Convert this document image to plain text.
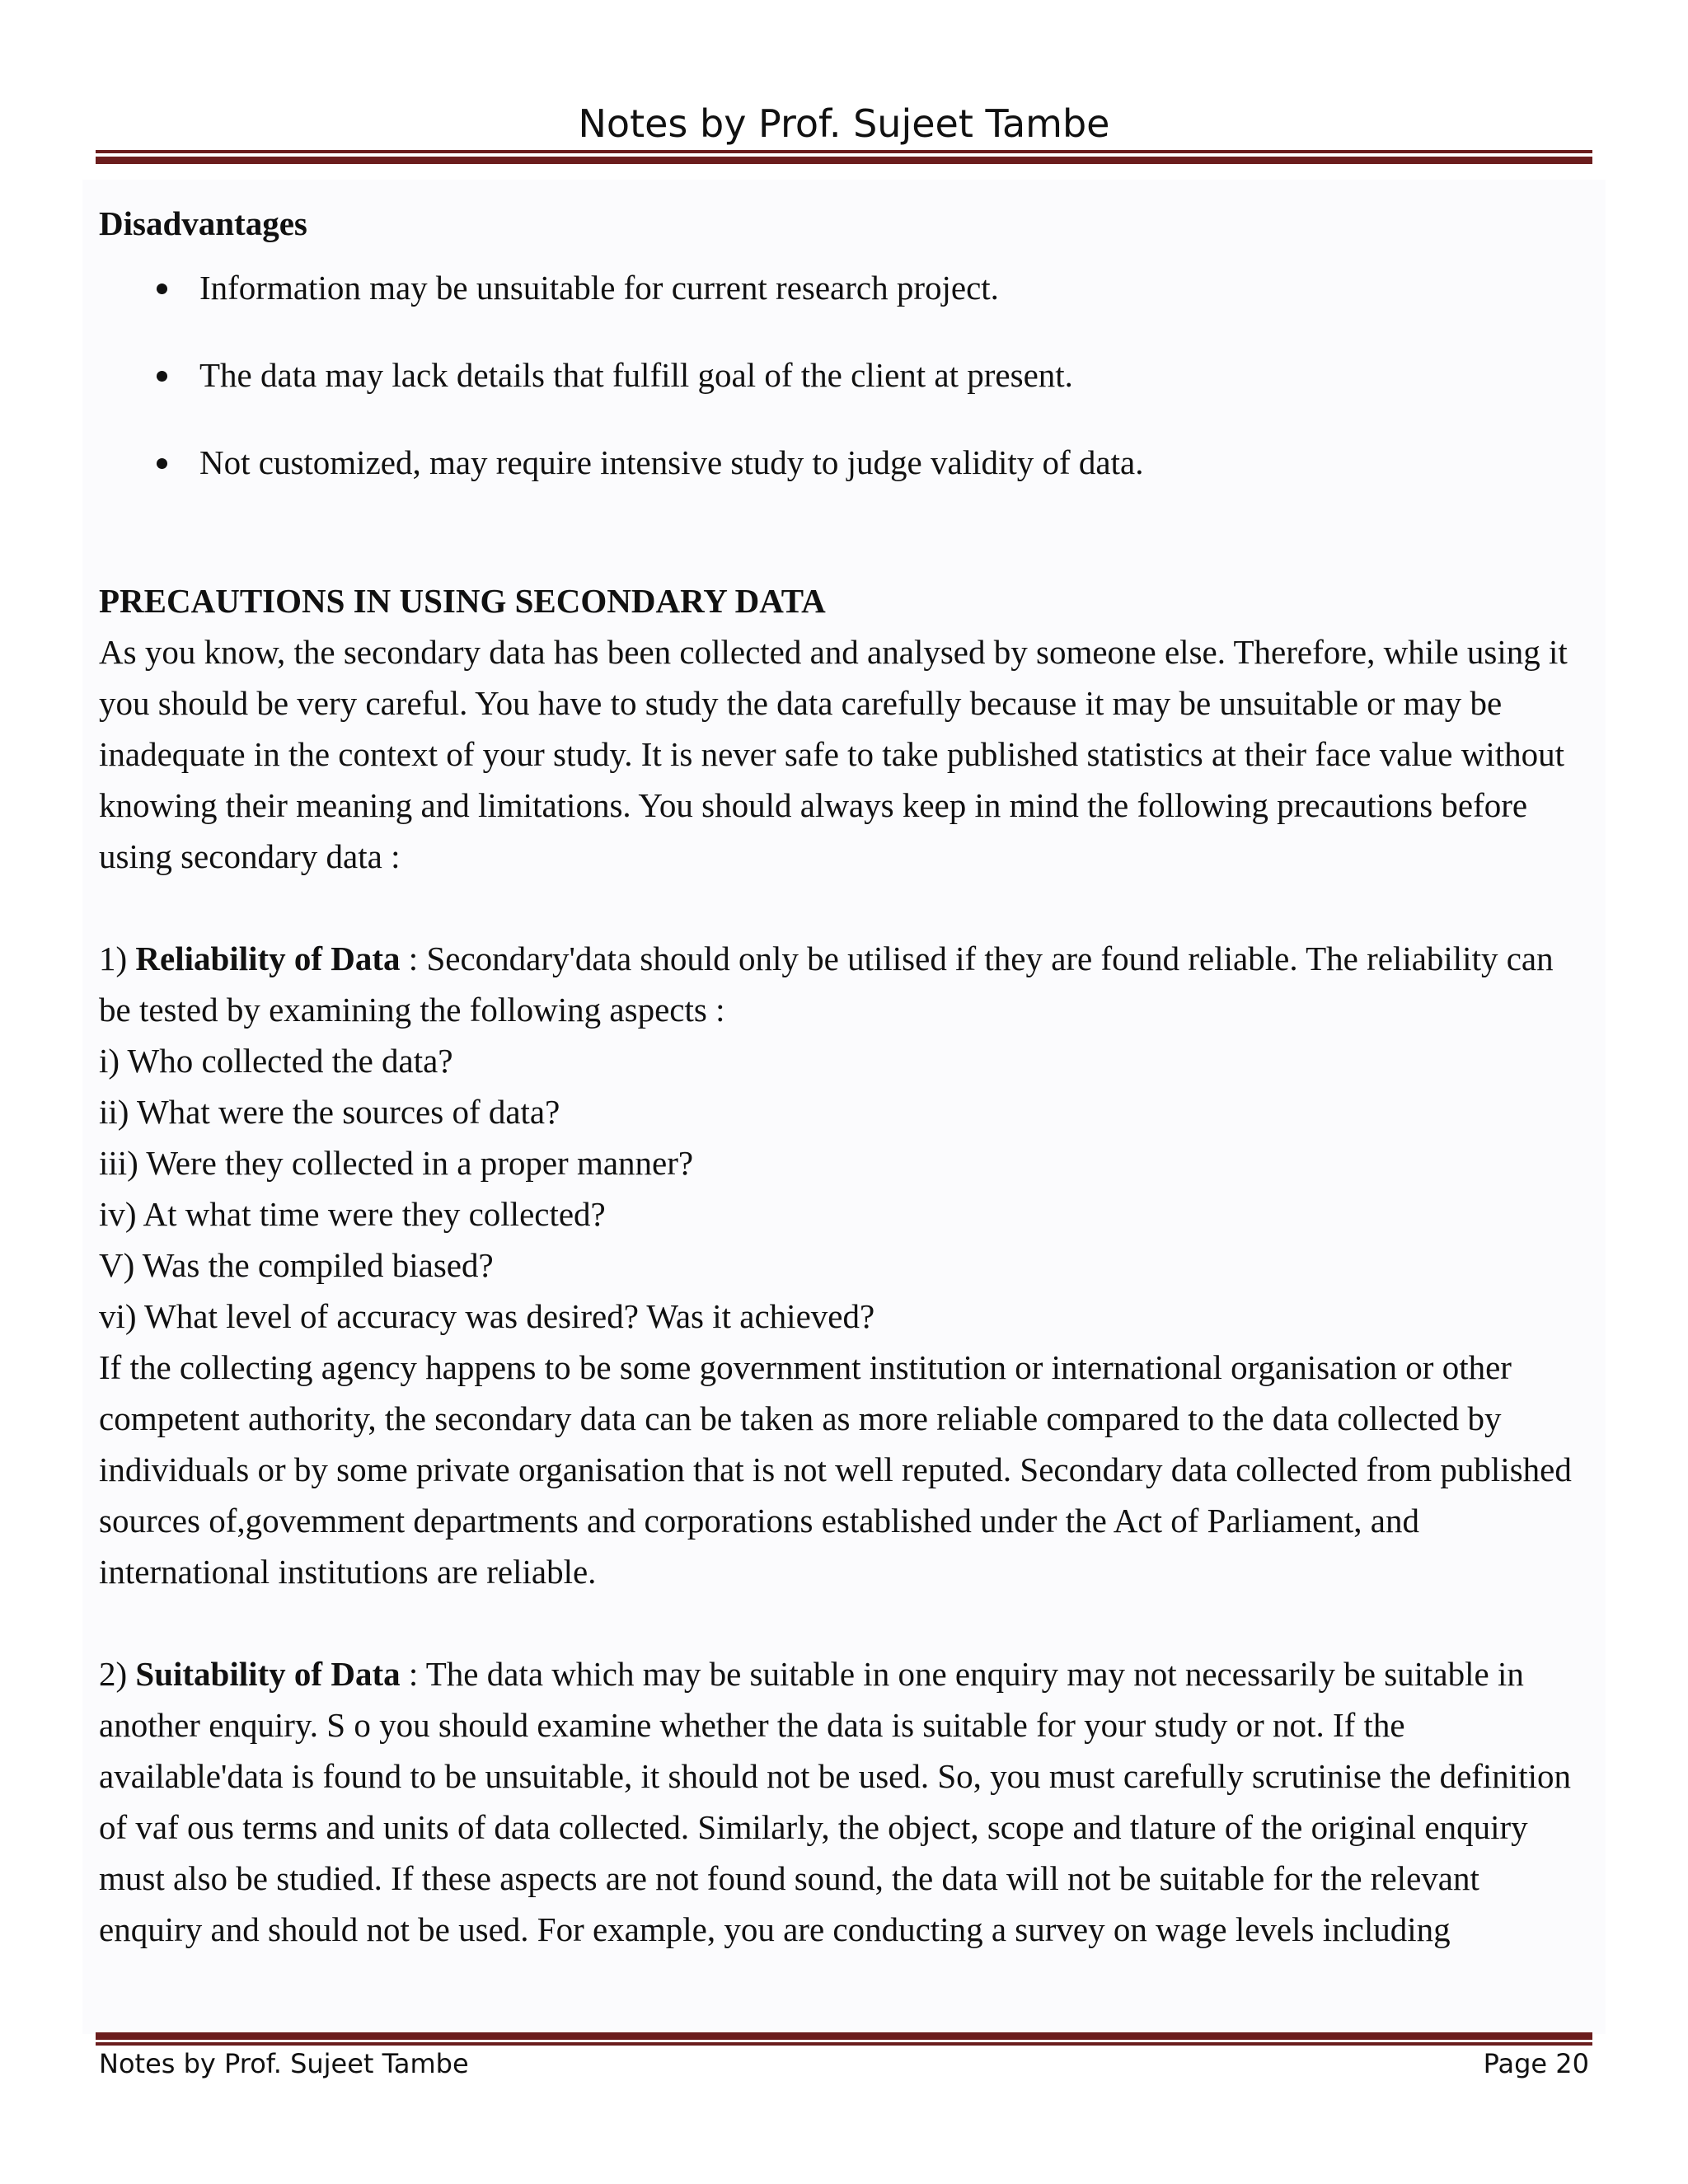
Notes by Prof. Sujeet Tambe

Disadvantages

Information may be unsuitable for current research project.
The data may lack details that fulfill goal of the client at present.
Not customized, may require intensive study to judge validity of data.

PRECAUTIONS IN USING SECONDARY DATA

As you know, the secondary data has been collected and analysed by someone else. Therefore, while using it you should be very careful. You have to study the data carefully because it may be unsuitable or may be inadequate in the context of your study. It is never safe to take published statistics at their face value without knowing their meaning and limitations. You should always keep in mind the following precautions before using secondary data :

1) Reliability of Data : Secondary'data should only be utilised if they are found reliable. The reliability can be tested by examining the following aspects :

i) Who collected the data?

ii) What were the sources of data?

iii) Were they collected in a proper manner?

iv) At what time were they collected?

V) Was the compiled biased?

vi) What level of accuracy was desired? Was it achieved?

If the collecting agency happens to be some government institution or international organisation or other competent authority, the secondary data can be taken as more reliable compared to the data collected by individuals or by some private organisation that is not well reputed. Secondary data collected from published sources of,govemment departments and corporations established under the Act of Parliament, and international institutions are reliable.

2) Suitability of Data : The data which may be suitable in one enquiry may not necessarily be suitable in another enquiry. S o you should examine whether the data is suitable for your study or not. If the available'data is found to be unsuitable, it should not be used. So, you must carefully scrutinise the definition of vaf ous terms and units of data collected. Similarly, the object, scope and tlature of the original enquiry must also be studied. If these aspects are not found sound, the data will not be suitable for the relevant enquiry and should not be used. For example, you are conducting a survey on wage levels including

Notes by Prof. Sujeet Tambe	Page 20
